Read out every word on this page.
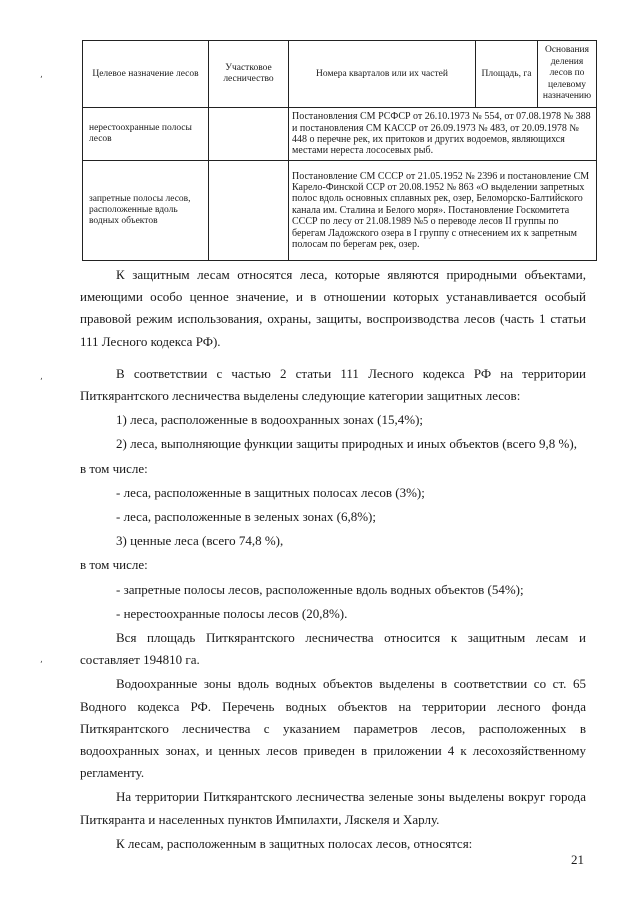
,
,
,
Целевое назначение лесов	Участковое лесничество	Номера кварталов или их частей	Площадь, га	Основания деления лесов по целевому назначению
нерестоохранные полосы лесов		Постановления СМ РСФСР от 26.10.1973 № 554, от 07.08.1978 № 388 и постановления СМ КАССР от 26.09.1973 № 483, от 20.09.1978 № 448 о перечне рек, их притоков и других водоемов, являющихся местами нереста лососевых рыб.		
запретные полосы лесов, расположенные вдоль водных объектов		Постановление СМ СССР от 21.05.1952 № 2396 и постановление СМ Карело-Финской ССР от 20.08.1952 № 863 «О выделении запретных полос вдоль основных сплавных рек, озер, Беломорско-Балтийского канала им. Сталина и Белого моря». Постановление Госкомитета СССР по лесу от 21.08.1989 №5 о переводе лесов II группы по берегам Ладожского озера в I группу с отнесением их к запретным полосам по берегам рек, озер.		

К защитным лесам относятся леса, которые являются природными объектами, имеющими особо ценное значение, и в отношении которых устанавливается особый правовой режим использования, охраны, защиты, воспроизводства лесов (часть 1 статьи 111 Лесного кодекса РФ).

В соответствии с частью 2 статьи 111 Лесного кодекса РФ на территории Питкярантского лесничества выделены следующие категории защитных лесов:

1) леса, расположенные в водоохранных зонах (15,4%);

2) леса, выполняющие функции защиты природных и иных объектов (всего 9,8 %),

в том числе:

- леса, расположенные в защитных полосах лесов (3%);

- леса, расположенные в зеленых зонах (6,8%);

3) ценные леса (всего 74,8 %),

в том числе:

- запретные полосы лесов, расположенные вдоль водных объектов (54%);

- нерестоохранные полосы лесов (20,8%).

Вся площадь Питкярантского лесничества относится к защитным лесам и составляет 194810 га.

Водоохранные зоны вдоль водных объектов выделены в соответствии со ст. 65 Водного кодекса РФ. Перечень водных объектов на территории лесного фонда Питкярантского лесничества с указанием параметров лесов, расположенных в водоохранных зонах, и ценных лесов приведен в приложении 4 к лесохозяйственному регламенту.

На территории Питкярантского лесничества зеленые зоны выделены вокруг города Питкяранта и населенных пунктов Импилахти, Ляскеля и Харлу.

К лесам, расположенным в защитных полосах лесов, относятся:

21
